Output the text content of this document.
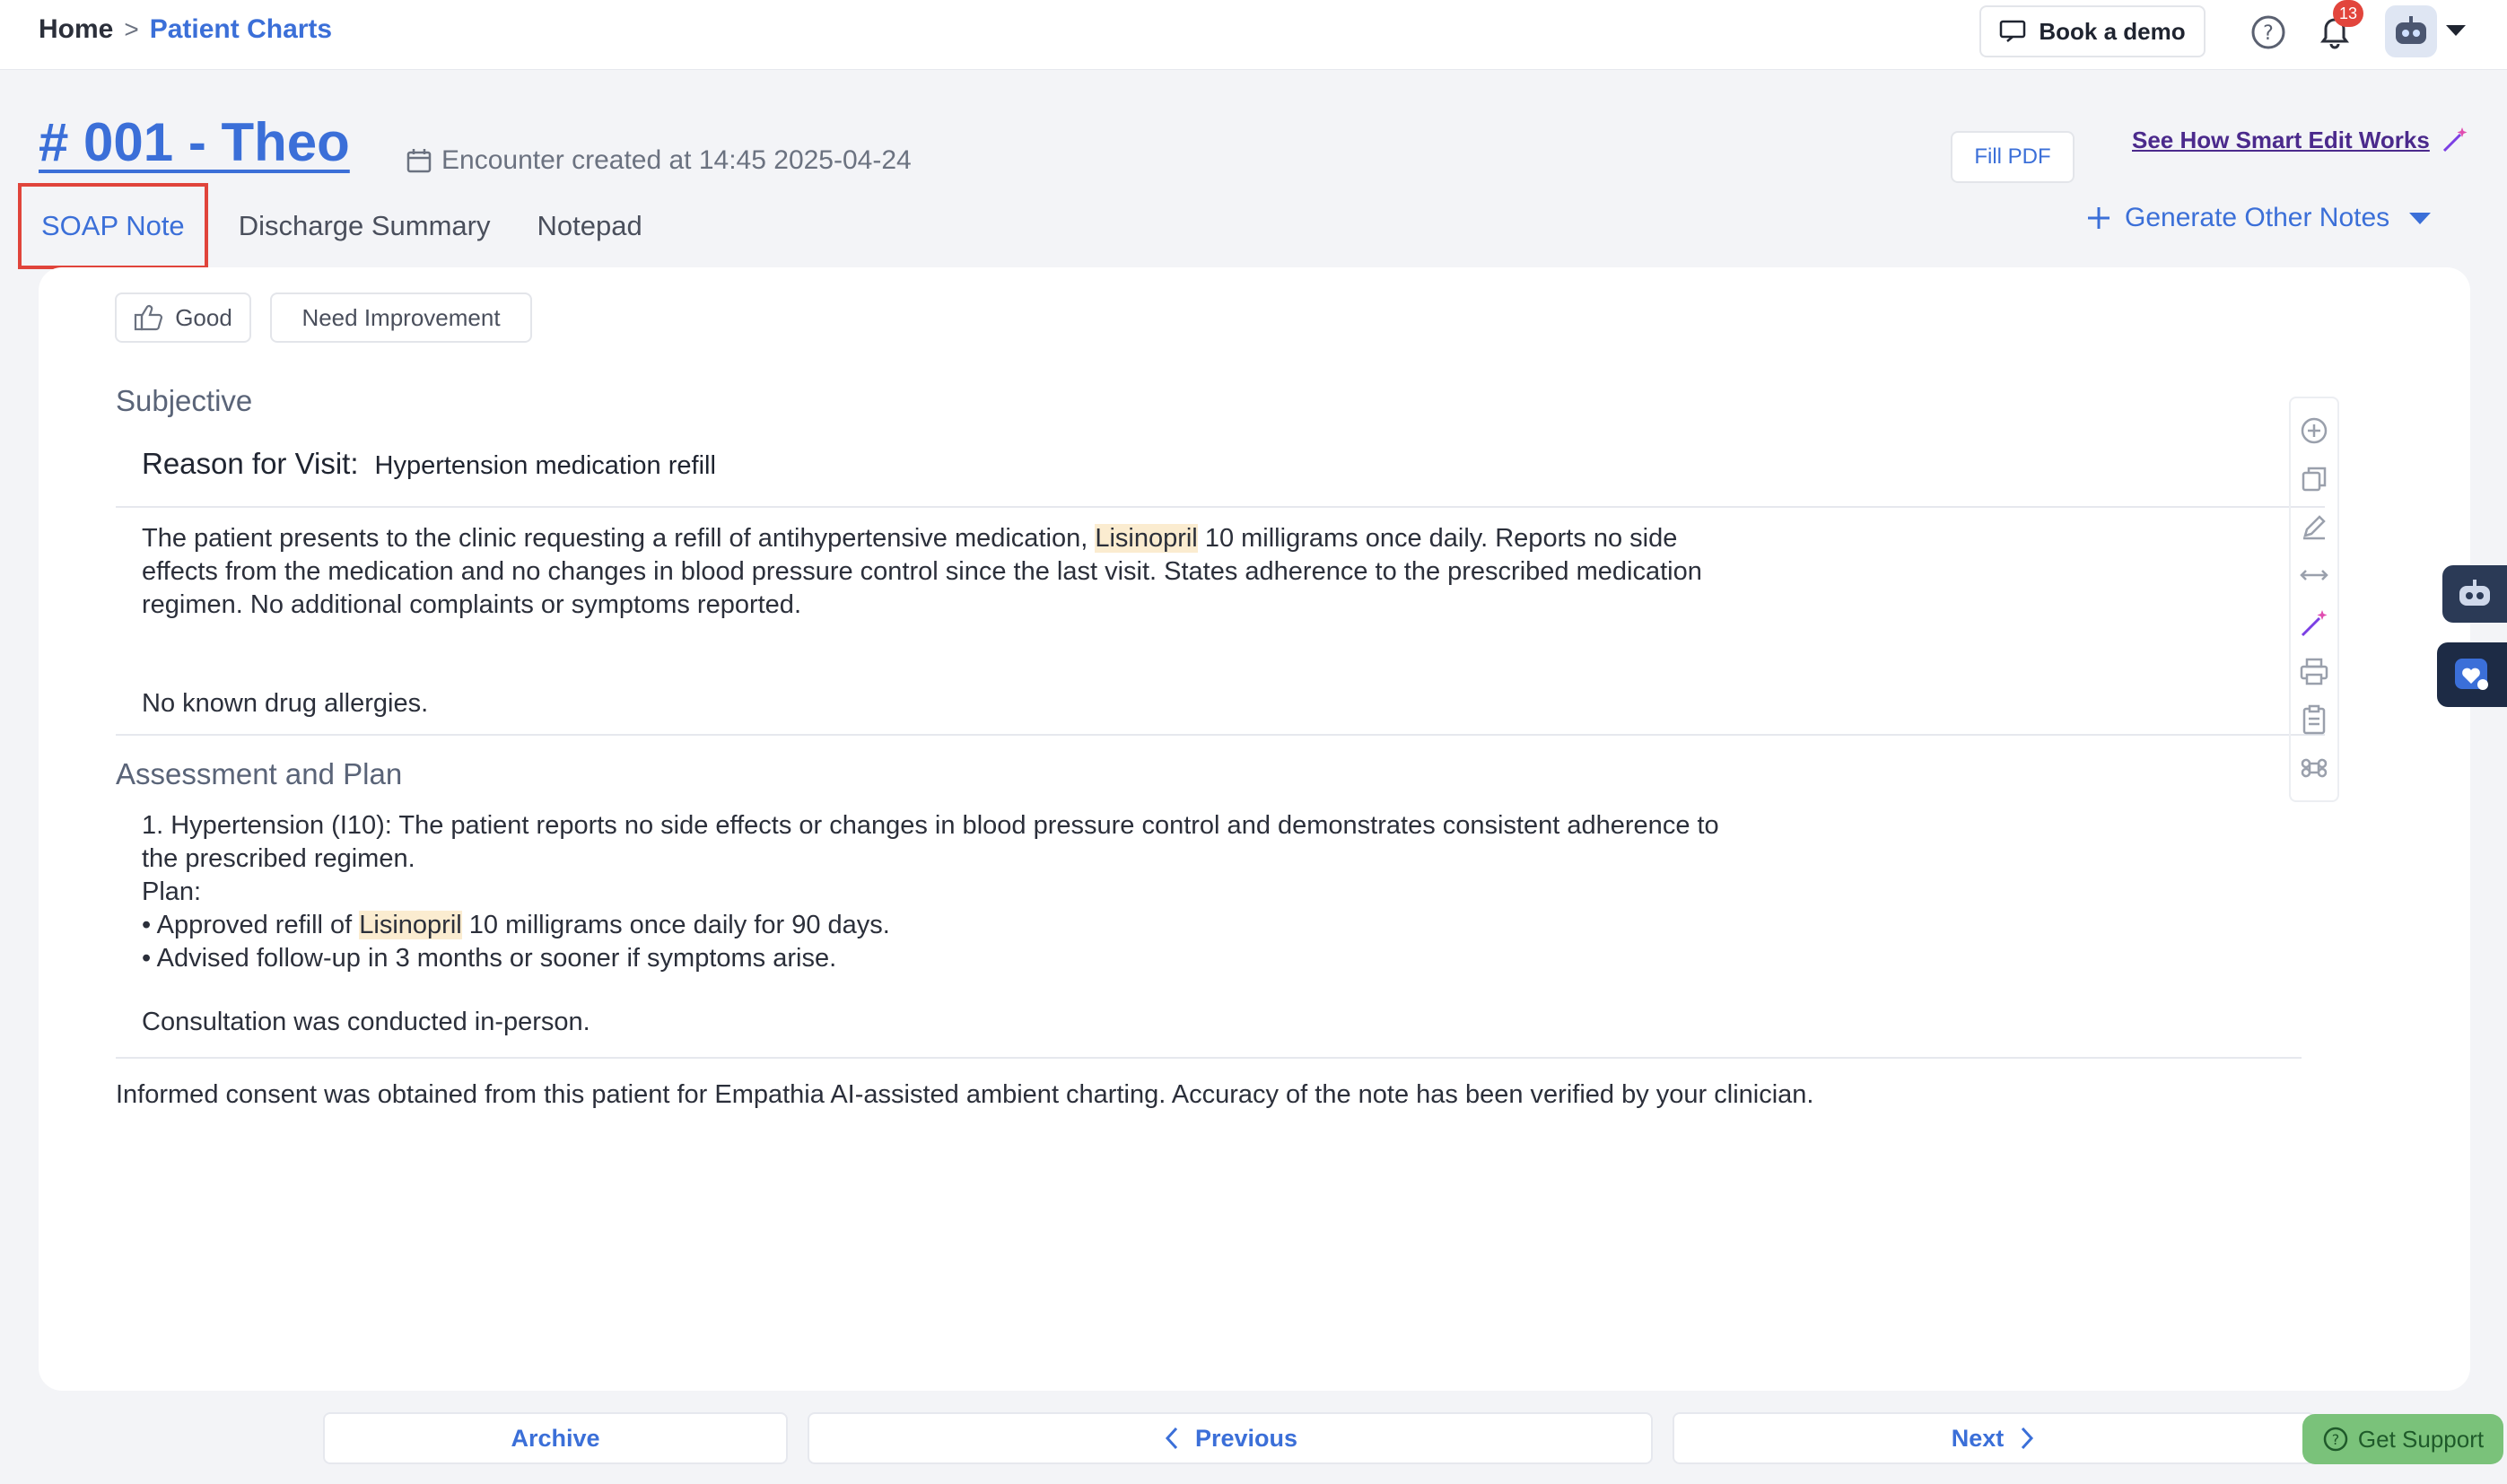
Home > Patient Charts	Book a demo	?
13
# 001 - Theo	Encounter created at 14:45 2025-04-24	Fill PDF
See How Smart Edit Works
SOAP Note	Discharge Summary	Notepad	Generate Other Notes
Good	Need Improvement
Subjective
Reason for Visit: Hypertension medication refill
The patient presents to the clinic requesting a refill of antihypertensive medication, Lisinopril 10 milligrams once daily. Reports no side
effects from the medication and no changes in blood pressure control since the last visit. States adherence to the prescribed medication
regimen. No additional complaints or symptoms reported.
No known drug allergies.
Assessment and Plan
1. Hypertension (I10): The patient reports no side effects or changes in blood pressure control and demonstrates consistent adherence to
the prescribed regimen.
Plan:
• Approved refill of Lisinopril 10 milligrams once daily for 90 days.
• Advised follow-up in 3 months or sooner if symptoms arise.
Consultation was conducted in-person.
Informed consent was obtained from this patient for Empathia AI-assisted ambient charting. Accuracy of the note has been verified by your clinician.
Archive	Previous	Next	? Get Support
